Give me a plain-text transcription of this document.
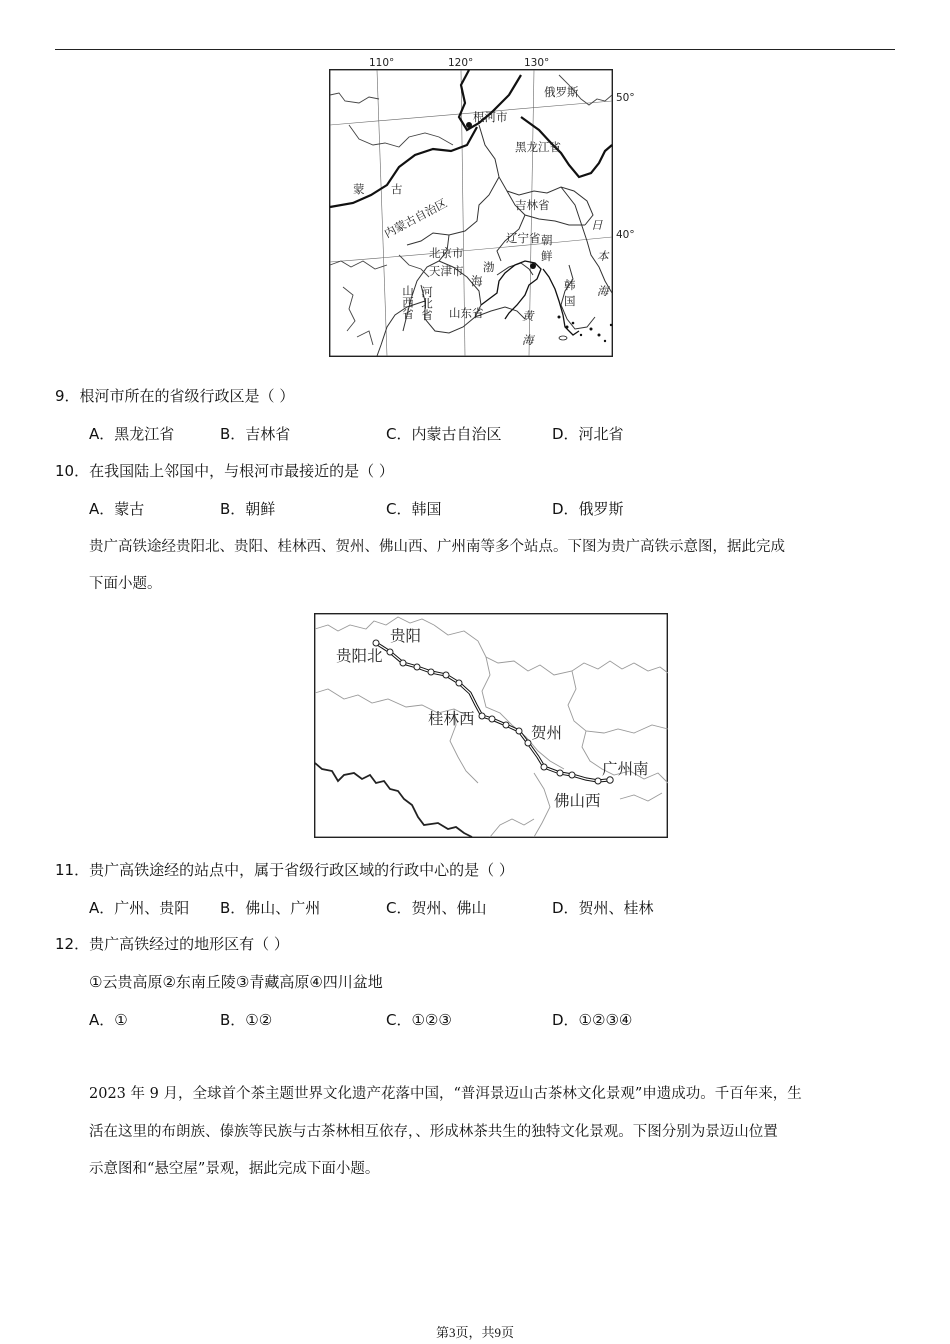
110°	120°	130°
50°
40°
俄罗斯
根河市
黑龙江省
蒙 古
内蒙古自治区	吉林省
辽宁省
北京市
天津市
河北省
山西省	山东省
渤
海
朝
鲜
韩
国
黄
海
日
本
海
9．根河市所在的省级行政区是（ ）
A．黑龙江省	B．吉林省	C．内蒙古自治区	D．河北省
10．在我国陆上邻国中，与根河市最接近的是（ ）
A．蒙古	B．朝鲜	C．韩国	D．俄罗斯
贵广高铁途经贵阳北、贵阳、桂林西、贺州、佛山西、广州南等多个站点。下图为贵广高铁示意图，据此完成
下面小题。
贵阳
贵阳北
桂林西
贺州
广州南
佛山西
11．贵广高铁途经的站点中，属于省级行政区域的行政中心的是（ ）
A．广州、贵阳 B．佛山、广州	C．贺州、佛山	D．贺州、桂林
12．贵广高铁经过的地形区有（ ）
①云贵高原②东南丘陵③青藏高原④四川盆地
A．①	B．①②	C．①②③	D．①②③④
2023 年 9 月，全球首个茶主题世界文化遗产花落中国，“普洱景迈山古茶林文化景观”申遗成功。千百年来，生
活在这里的布朗族、傣族等民族与古茶林相互依存，、形成林茶共生的独特文化景观。下图分别为景迈山位置
示意图和“悬空屋”景观，据此完成下面小题。
第3页，共9页
